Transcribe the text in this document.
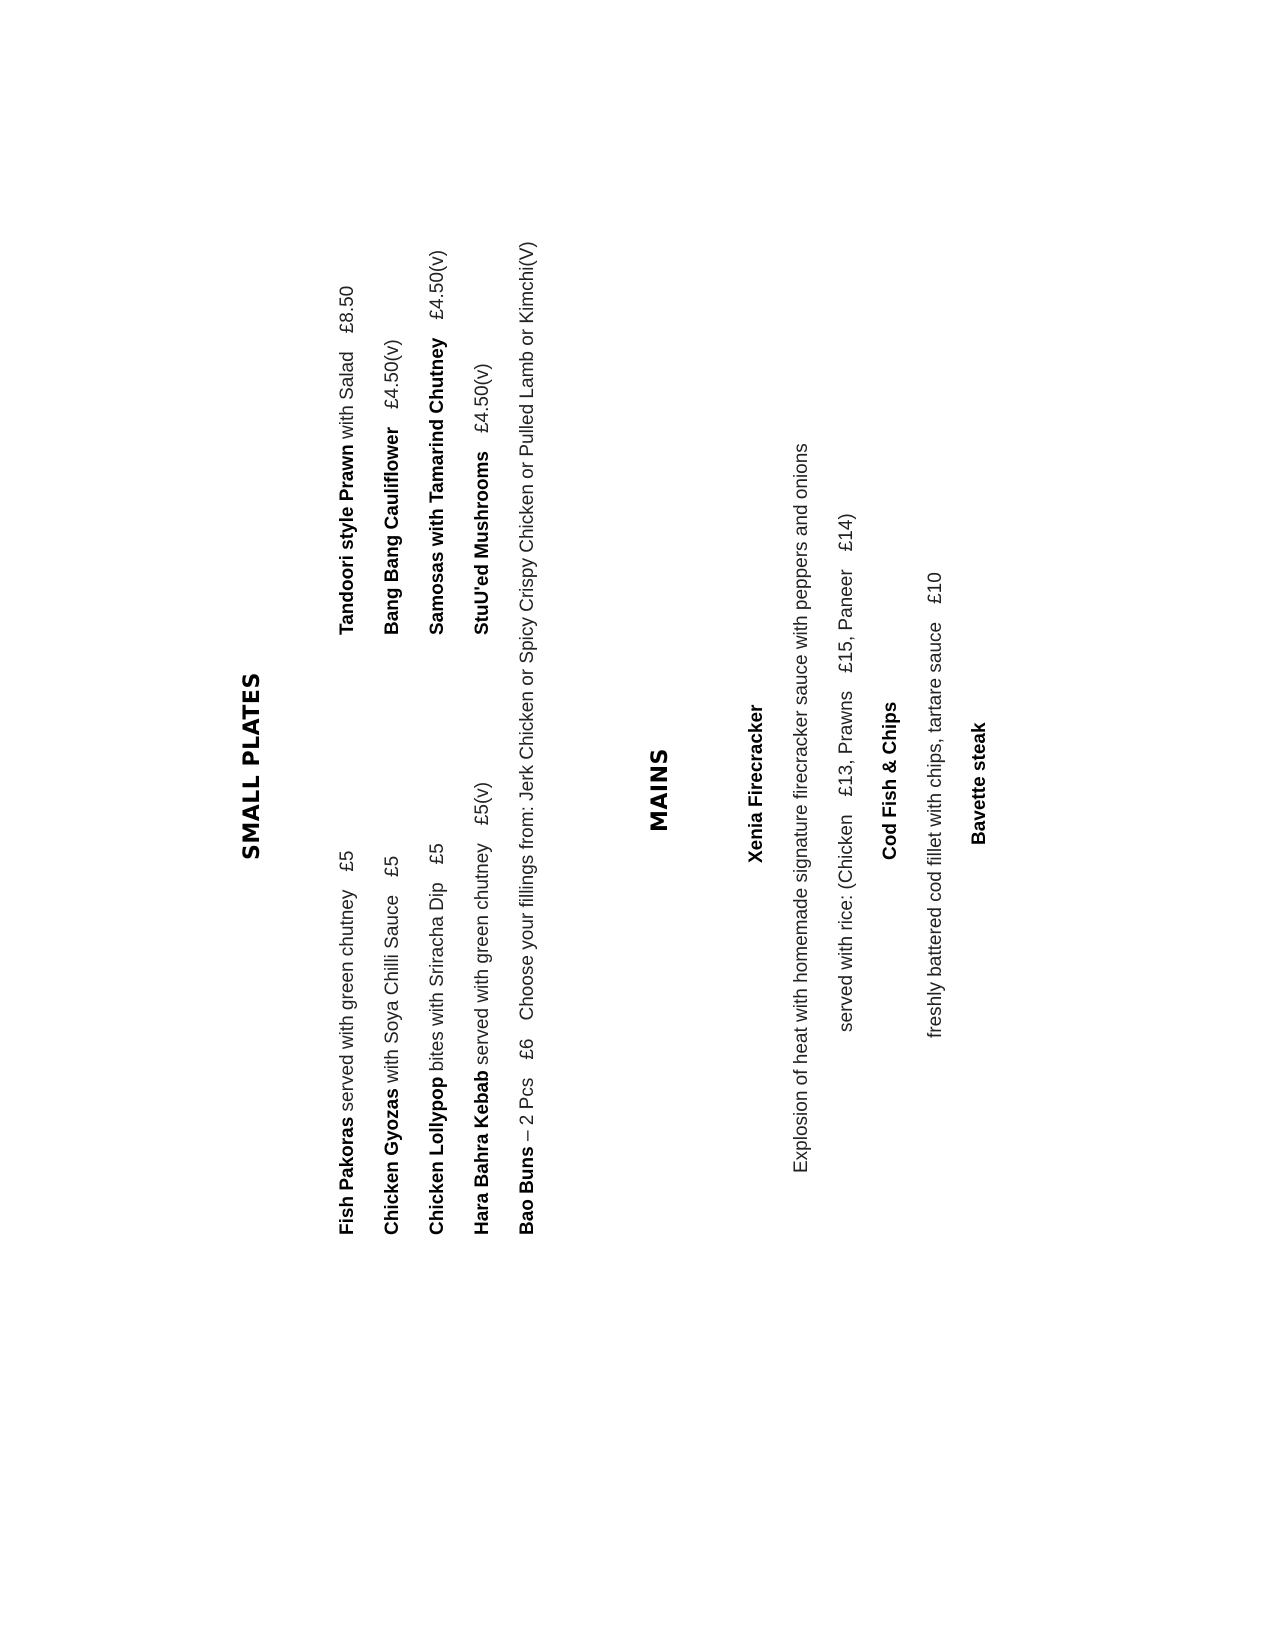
SMALL PLATES
Fish Pakoras served with green chutney£5
Chicken Gyozas with Soya Chilli Sauce£5
Chicken Lollypop bites with Sriracha Dip£5
Hara Bahra Kebab served with green chutney£5(v)
Tandoori style Prawn with Salad£8.50
Bang Bang Cauliflower£4.50(v) Samosas with Tamarind Chutney£4.50(v)
StuU'ed Mushrooms£4.50(v)
Bao Buns – 2 Pcs£6Choose your fillings from: Jerk Chicken or Spicy Crispy Chicken or Pulled Lamb or Kimchi(V)	MAINS	Xenia Firecracker Explosion of heat with homemade signature firecracker sauce with peppers and onions served with rice: (Chicken£13, Prawns£15, Paneer£14)
Cod Fish & Chips freshly battered cod fillet with chips, tartare sauce£10
Bavette steak
